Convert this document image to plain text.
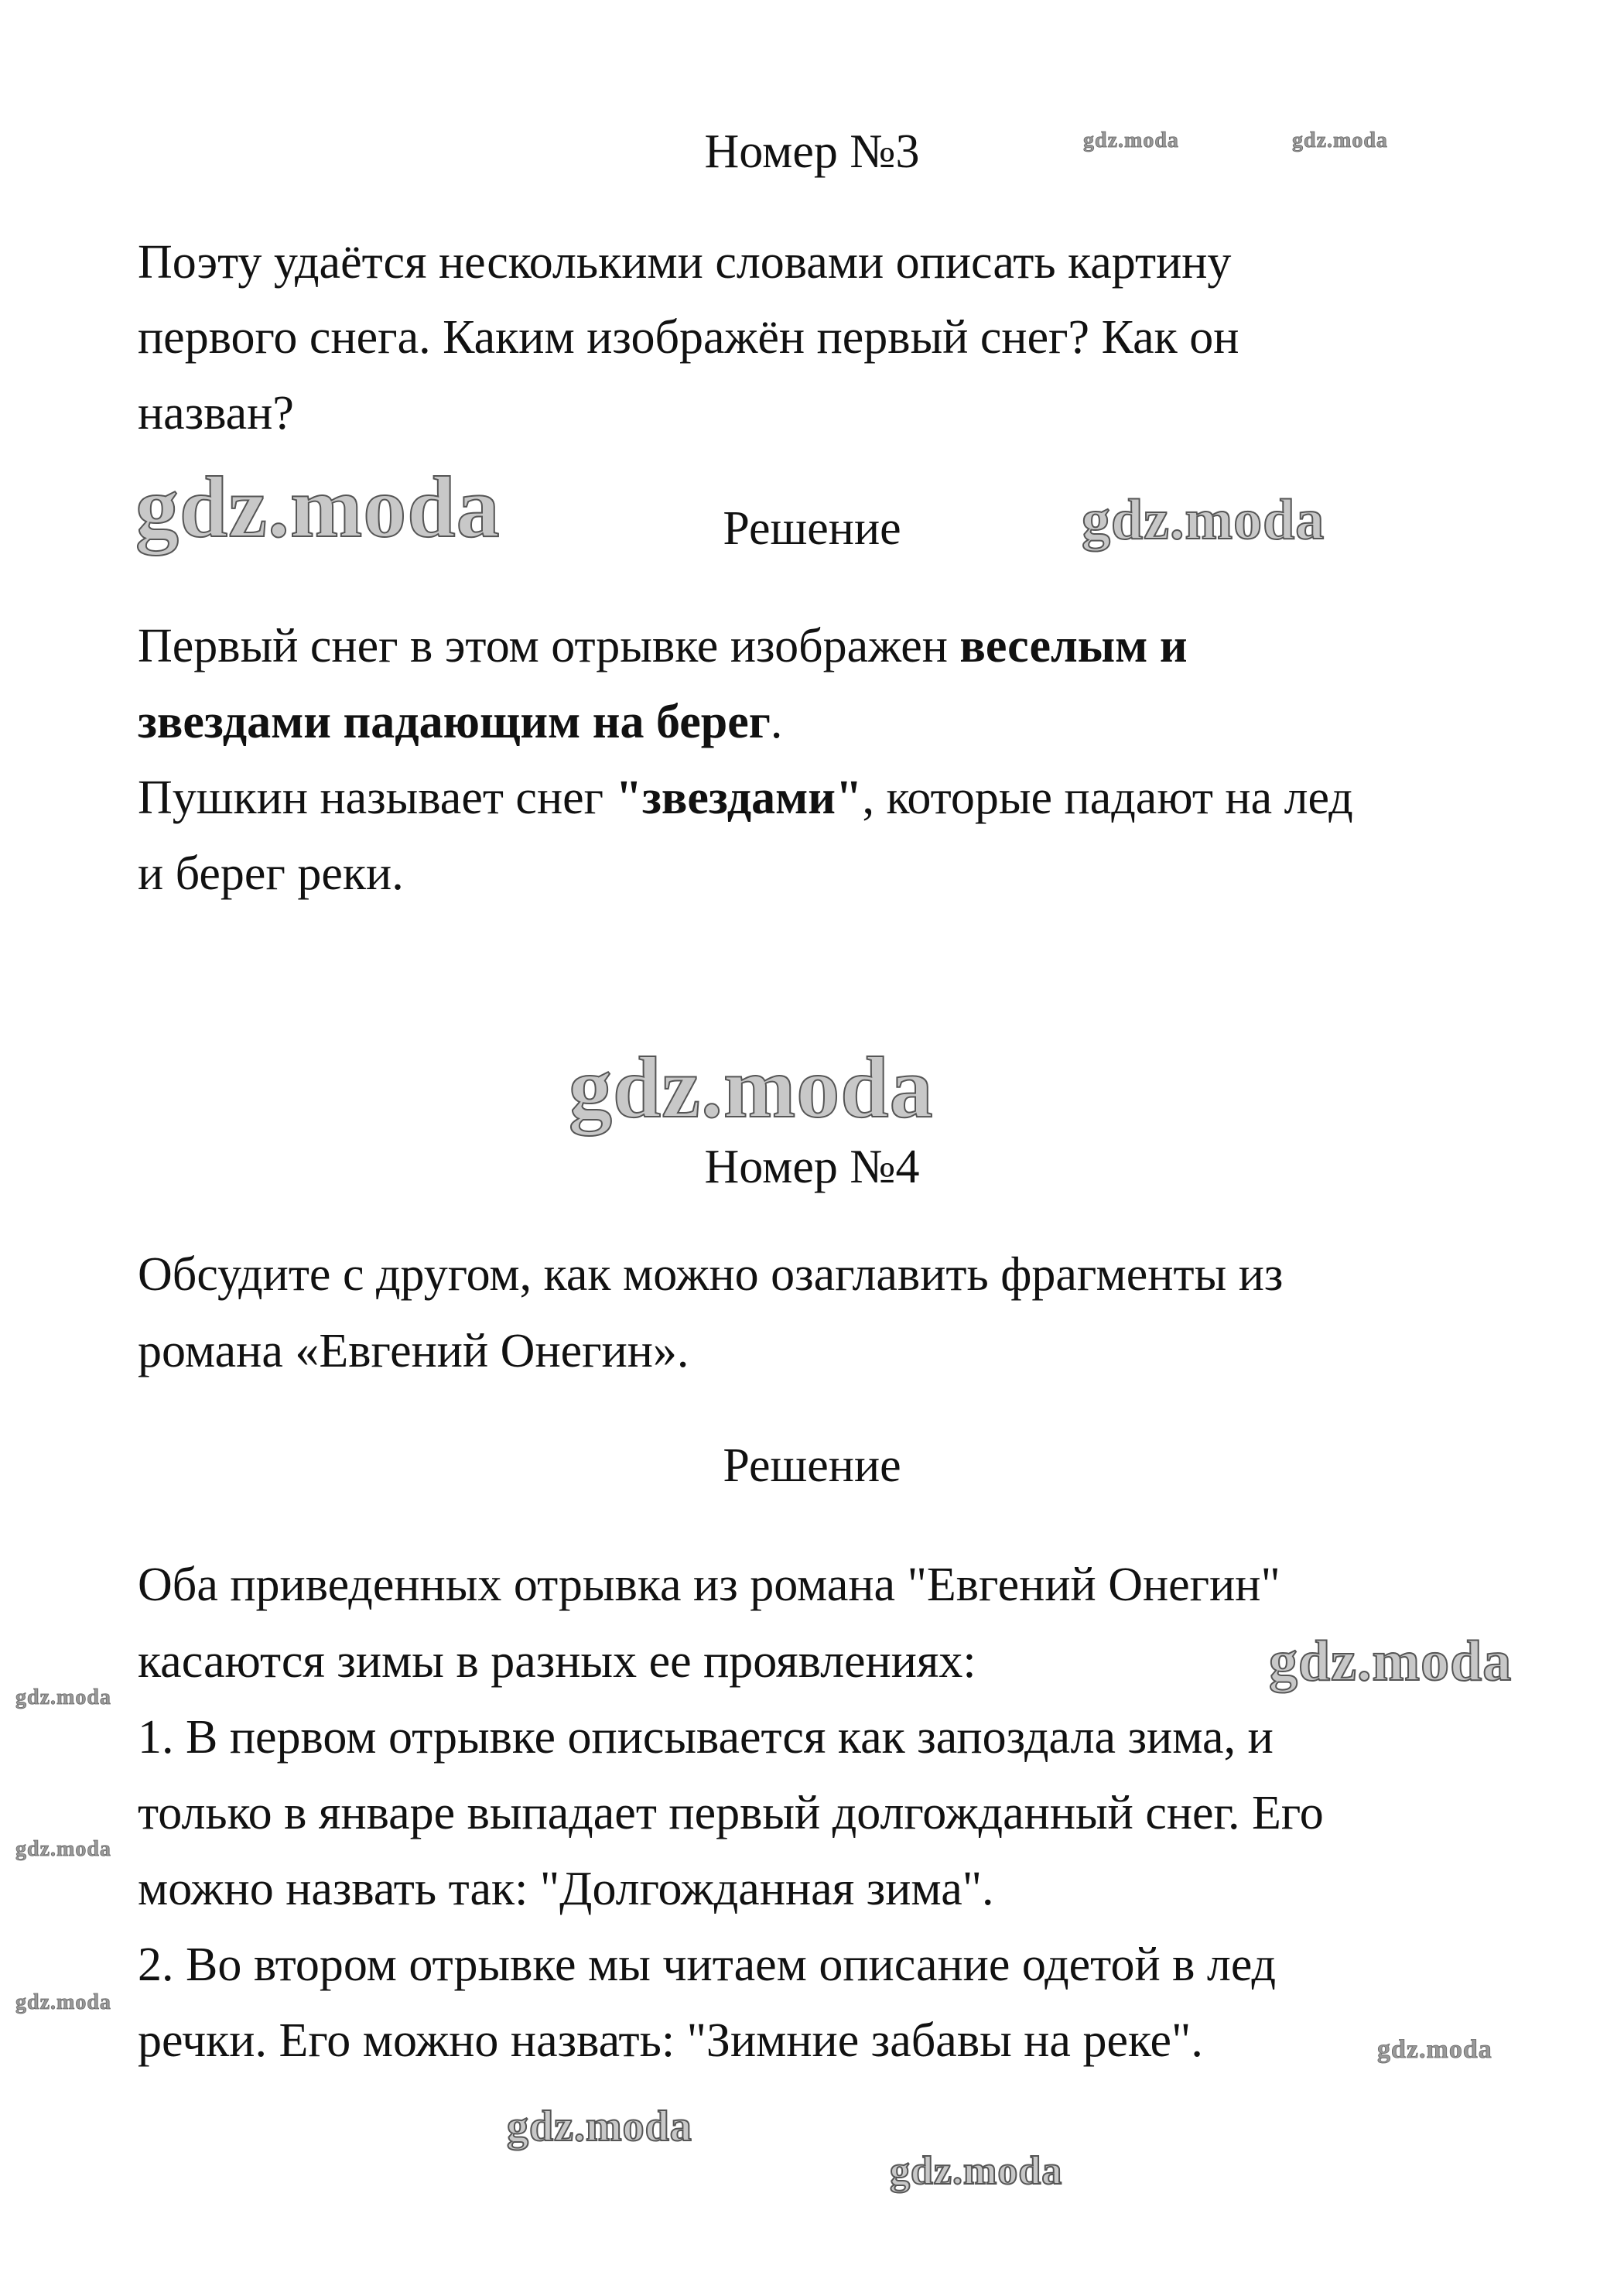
Номер №3
Поэту удаётся несколькими словами описать картину
первого снега. Каким изображён первый снег? Как он
назван?
Решение
Первый снег в этом отрывке изображен веселым и
звездами падающим на берег.
Пушкин называет снег "звездами", которые падают на лед
и берег реки.
Номер №4
Обсудите с другом, как можно озаглавить фрагменты из
романа «Евгений Онегин».
Решение
Оба приведенных отрывка из романа "Евгений Онегин"
касаются зимы в разных ее проявлениях:
1. В первом отрывке описывается как запоздала зима, и
только в январе выпадает первый долгожданный снег. Его
можно назвать так: "Долгожданная зима".
2. Во втором отрывке мы читаем описание одетой в лед
речки. Его можно назвать: "Зимние забавы на реке".
gdz.moda	gdz.moda
gdz.moda	gdz.moda
gdz.moda
gdz.moda
gdz.moda
gdz.moda
gdz.moda
gdz.moda
gdz.moda
gdz.moda
